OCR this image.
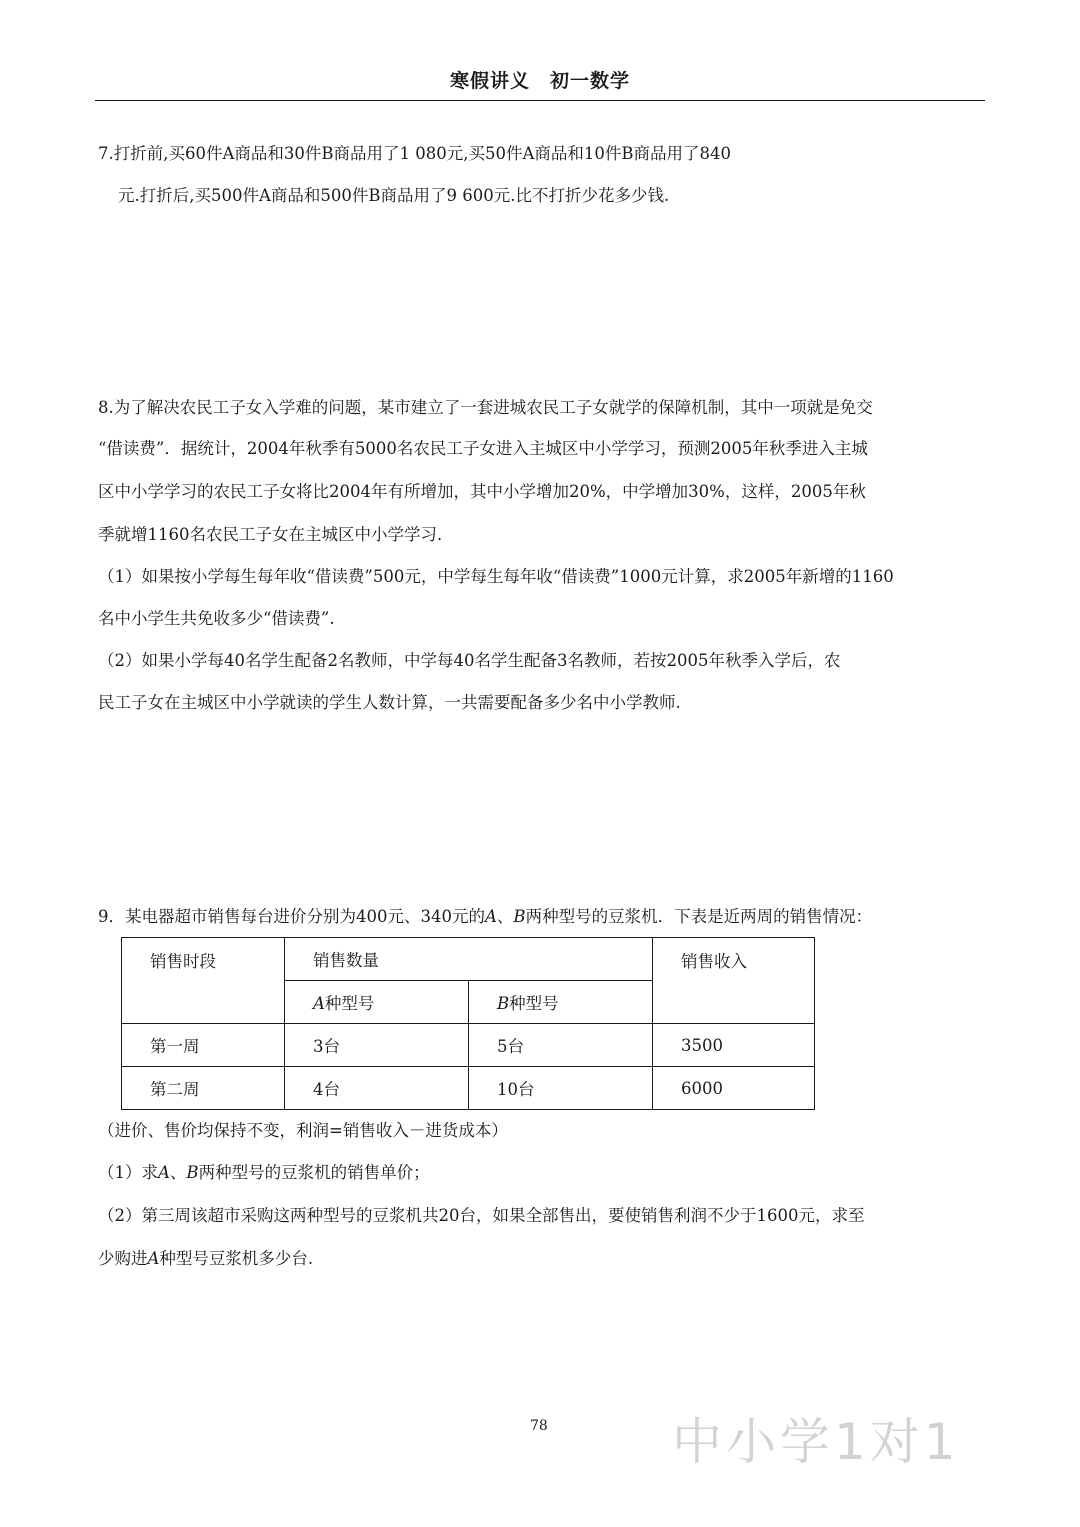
寒假讲义　初一数学
7.打折前,买60件A商品和30件B商品用了1 080元,买50件A商品和10件B商品用了840
元.打折后,买500件A商品和500件B商品用了9 600元.比不打折少花多少钱.
8.为了解决农民工子女入学难的问题，某市建立了一套进城农民工子女就学的保障机制，其中一项就是免交
“借读费”．据统计，2004年秋季有5000名农民工子女进入主城区中小学学习，预测2005年秋季进入主城
区中小学学习的农民工子女将比2004年有所增加，其中小学增加20%，中学增加30%，这样，2005年秋
季就增1160名农民工子女在主城区中小学学习．
（1）如果按小学每生每年收“借读费”500元，中学每生每年收“借读费”1000元计算，求2005年新增的1160
名中小学生共免收多少“借读费”.
（2）如果小学每40名学生配备2名教师，中学每40名学生配备3名教师，若按2005年秋季入学后，农
民工子女在主城区中小学就读的学生人数计算，一共需要配备多少名中小学教师.
9．某电器超市销售每台进价分别为400元、340元的A、B两种型号的豆浆机．下表是近两周的销售情况：
销售时段	销售数量		销售收入
	A种型号	B种型号	
第一周	3台	5台	3500
第二周	4台	10台	6000
（进价、售价均保持不变，利润=销售收入－进货成本）
（1）求A、B两种型号的豆浆机的销售单价；
（2）第三周该超市采购这两种型号的豆浆机共20台，如果全部售出，要使销售利润不少于1600元，求至
少购进A种型号豆浆机多少台.
78 中小学1对1
